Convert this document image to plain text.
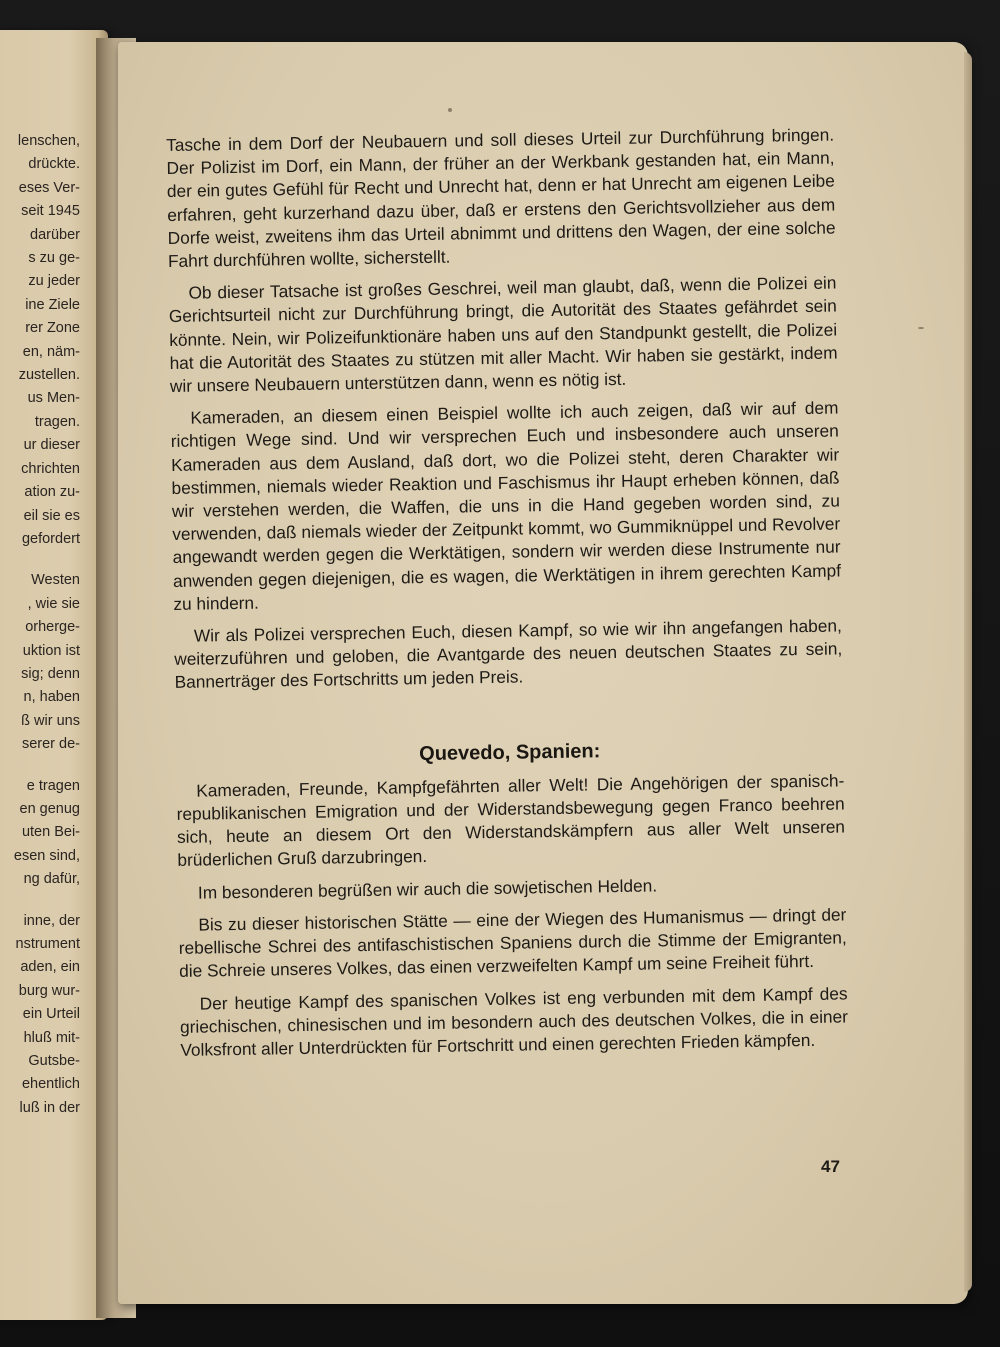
lenschen,
drückte.
eses Ver-
seit 1945
darüber
s zu ge-
zu jeder
ine Ziele
rer Zone
en, näm-
zustellen.
us Men-
tragen.
ur dieser
chrichten
ation zu-
eil sie es
gefordert
Westen
, wie sie
orherge-
uktion ist
sig; denn
n, haben
ß wir uns
serer de-
e tragen
en genug
uten Bei-
esen sind,
ng dafür,
inne, der
nstrument
aden, ein
burg wur-
ein Urteil
hluß mit-
Gutsbe-
ehentlich
luß in der

Tasche in dem Dorf der Neubauern und soll dieses Urteil zur Durchführung bringen. Der Polizist im Dorf, ein Mann, der früher an der Werkbank gestanden hat, ein Mann, der ein gutes Gefühl für Recht und Unrecht hat, denn er hat Unrecht am eigenen Leibe erfahren, geht kurzerhand dazu über, daß er erstens den Gerichtsvollzieher aus dem Dorfe weist, zweitens ihm das Urteil abnimmt und drittens den Wagen, der eine solche Fahrt durchführen wollte, sicherstellt.

Ob dieser Tatsache ist großes Geschrei, weil man glaubt, daß, wenn die Polizei ein Gerichtsurteil nicht zur Durchführung bringt, die Autorität des Staates gefährdet sein könnte. Nein, wir Polizeifunktionäre haben uns auf den Standpunkt gestellt, die Polizei hat die Autorität des Staates zu stützen mit aller Macht. Wir haben sie gestärkt, indem wir unsere Neubauern unterstützen dann, wenn es nötig ist.

Kameraden, an diesem einen Beispiel wollte ich auch zeigen, daß wir auf dem richtigen Wege sind. Und wir versprechen Euch und insbesondere auch unseren Kameraden aus dem Ausland, daß dort, wo die Polizei steht, deren Charakter wir bestimmen, niemals wieder Reaktion und Faschismus ihr Haupt erheben können, daß wir verstehen werden, die Waffen, die uns in die Hand gegeben worden sind, zu verwenden, daß niemals wieder der Zeitpunkt kommt, wo Gummiknüppel und Revolver angewandt werden gegen die Werktätigen, sondern wir werden diese Instrumente nur anwenden gegen diejenigen, die es wagen, die Werktätigen in ihrem gerechten Kampf zu hindern.

Wir als Polizei versprechen Euch, diesen Kampf, so wie wir ihn angefangen haben, weiterzuführen und geloben, die Avantgarde des neuen deutschen Staates zu sein, Bannerträger des Fortschritts um jeden Preis.

Quevedo, Spanien:

Kameraden, Freunde, Kampfgefährten aller Welt! Die Angehörigen der spanisch-republikanischen Emigration und der Widerstandsbewegung gegen Franco beehren sich, heute an diesem Ort den Widerstandskämpfern aus aller Welt unseren brüderlichen Gruß darzubringen.

Im besonderen begrüßen wir auch die sowjetischen Helden.

Bis zu dieser historischen Stätte — eine der Wiegen des Humanismus — dringt der rebellische Schrei des antifaschistischen Spaniens durch die Stimme der Emigranten, die Schreie unseres Volkes, das einen verzweifelten Kampf um seine Freiheit führt.

Der heutige Kampf des spanischen Volkes ist eng verbunden mit dem Kampf des griechischen, chinesischen und im besondern auch des deutschen Volkes, die in einer Volksfront aller Unterdrückten für Fortschritt und einen gerechten Frieden kämpfen.

47
